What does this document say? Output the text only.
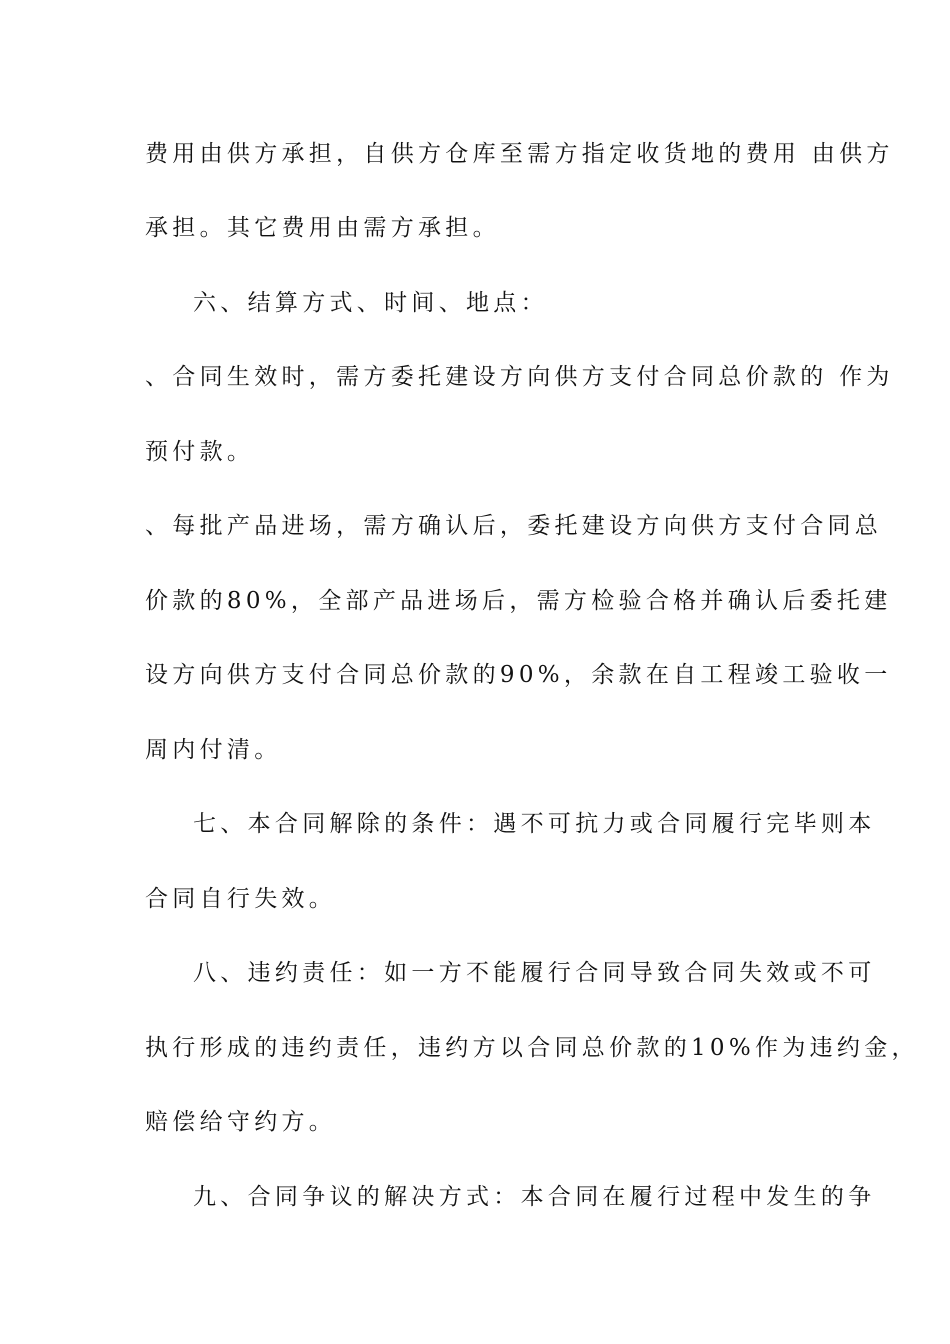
费用由供方承担，自供方仓库至需方指定收货地的费用 由供方
承担。其它费用由需方承担。
六、结算方式、时间、地点：
、合同生效时，需方委托建设方向供方支付合同总价款的 作为
预付款。
、每批产品进场，需方确认后，委托建设方向供方支付合同总
价款的80%，全部产品进场后，需方检验合格并确认后委托建
设方向供方支付合同总价款的90%，余款在自工程竣工验收一
周内付清。
七、本合同解除的条件：遇不可抗力或合同履行完毕则本
合同自行失效。
八、违约责任：如一方不能履行合同导致合同失效或不可
执行形成的违约责任，违约方以合同总价款的10%作为违约金，
赔偿给守约方。
九、合同争议的解决方式：本合同在履行过程中发生的争
